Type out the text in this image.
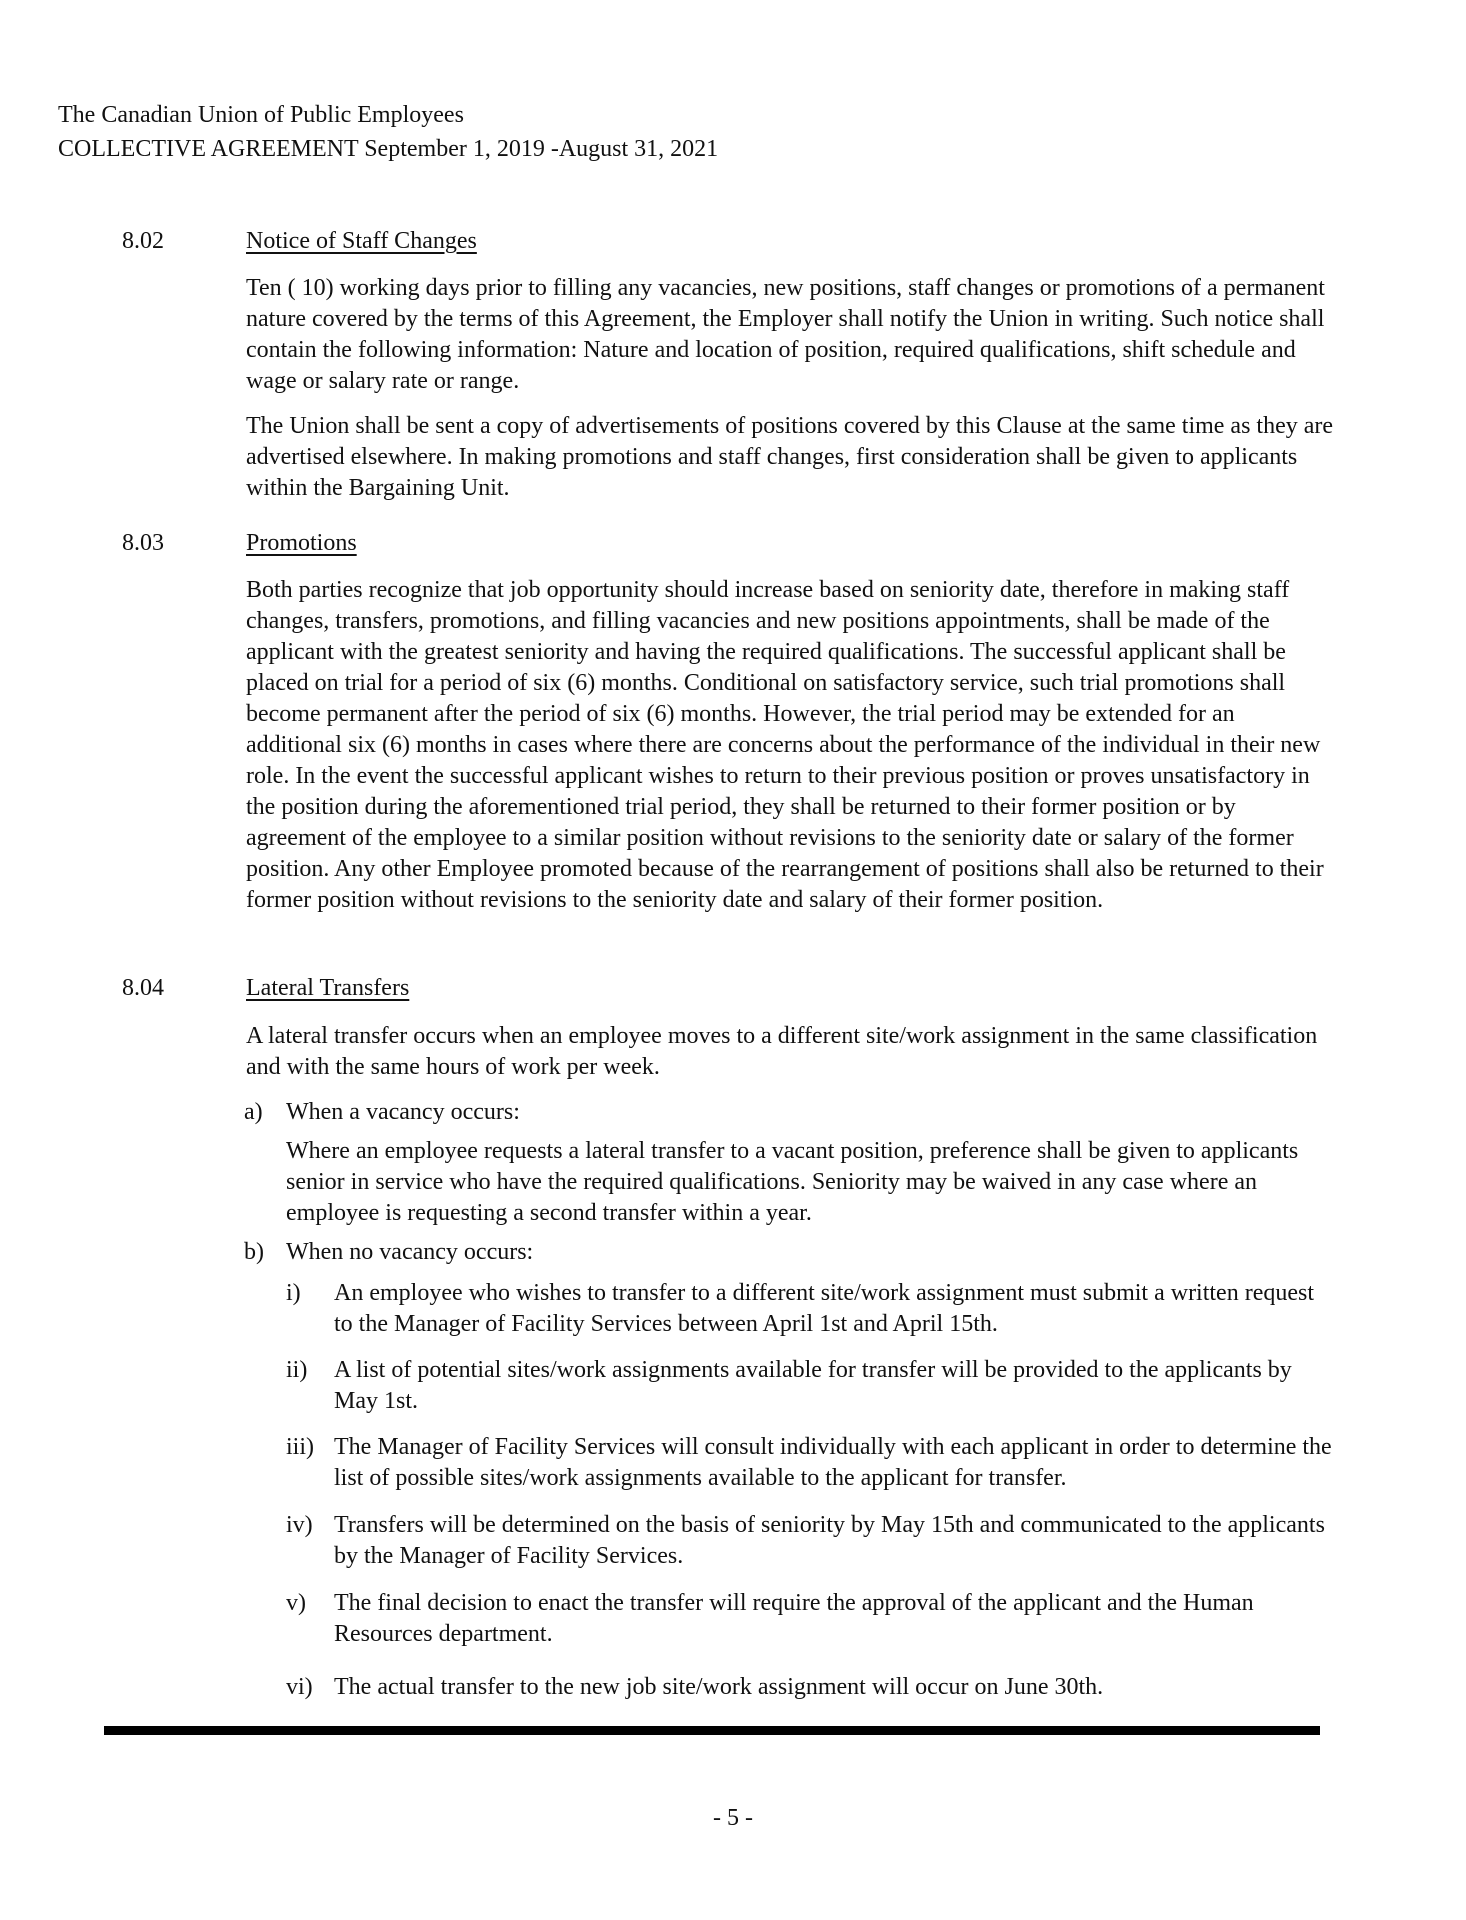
The Canadian Union of Public Employees
COLLECTIVE AGREEMENT September 1, 2019 -August 31, 2021
8.02	Notice of Staff Changes

Ten ( 10) working days prior to filling any vacancies, new positions, staff changes or promotions of a permanent nature covered by the terms of this Agreement, the Employer shall notify the Union in writing. Such notice shall contain the following information: Nature and location of position, required qualifications, shift schedule and wage or salary rate or range.

The Union shall be sent a copy of advertisements of positions covered by this Clause at the same time as they are advertised elsewhere. In making promotions and staff changes, first consideration shall be given to applicants within the Bargaining Unit.

8.03	Promotions

Both parties recognize that job opportunity should increase based on seniority date, therefore in making staff changes, transfers, promotions, and filling vacancies and new positions appointments, shall be made of the applicant with the greatest seniority and having the required qualifications. The successful applicant shall be placed on trial for a period of six (6) months. Conditional on satisfactory service, such trial promotions shall become permanent after the period of six (6) months. However, the trial period may be extended for an additional six (6) months in cases where there are concerns about the performance of the individual in their new role. In the event the successful applicant wishes to return to their previous position or proves unsatisfactory in the position during the aforementioned trial period, they shall be returned to their former position or by agreement of the employee to a similar position without revisions to the seniority date or salary of the former position. Any other Employee promoted because of the rearrangement of positions shall also be returned to their former position without revisions to the seniority date and salary of their former position.

8.04	Lateral Transfers

A lateral transfer occurs when an employee moves to a different site/work assignment in the same classification and with the same hours of work per week.

a) When a vacancy occurs:

Where an employee requests a lateral transfer to a vacant position, preference shall be given to applicants senior in service who have the required qualifications. Seniority may be waived in any case where an employee is requesting a second transfer within a year.

b) When no vacancy occurs:
i) An employee who wishes to transfer to a different site/work assignment must submit a written request to the Manager of Facility Services between April 1st and April 15th.

ii) A list of potential sites/work assignments available for transfer will be provided to the applicants by May 1st.

iii) The Manager of Facility Services will consult individually with each applicant in order to determine the list of possible sites/work assignments available to the applicant for transfer.

iv) Transfers will be determined on the basis of seniority by May 15th and communicated to the applicants by the Manager of Facility Services.

v) The final decision to enact the transfer will require the approval of the applicant and the Human Resources department.

vi) The actual transfer to the new job site/work assignment will occur on June 30th.

- 5 -
